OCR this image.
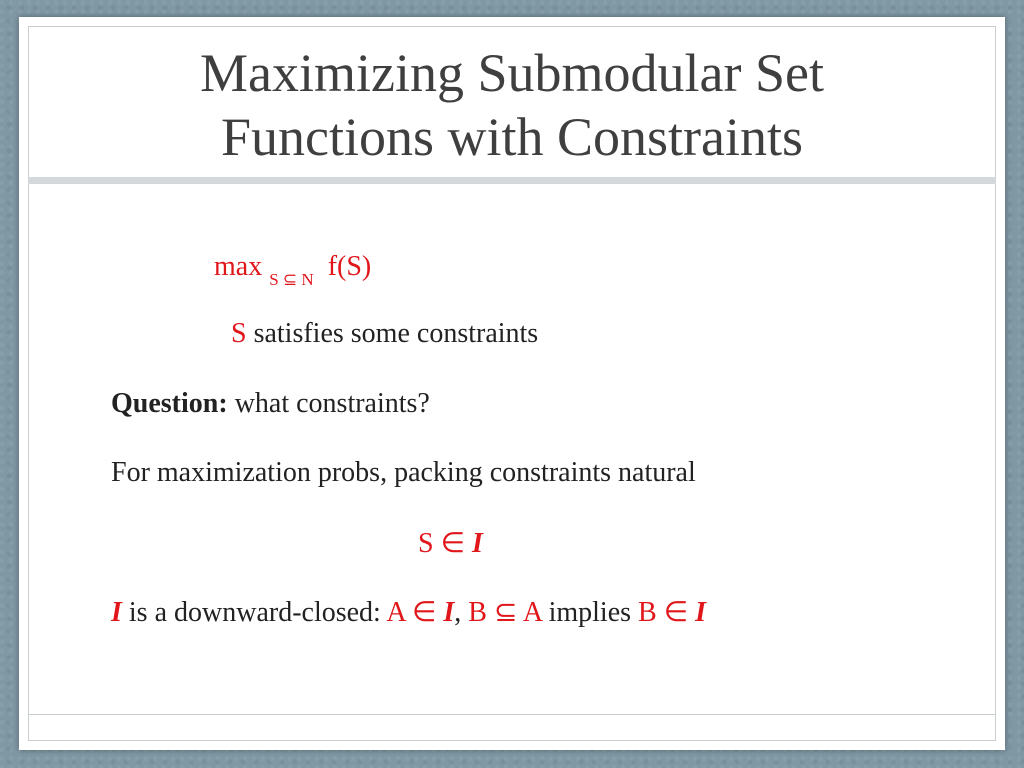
Maximizing Submodular Set
Functions with Constraints
max $_{S ⊆ N}$ f(S)
S satisfies some constraints
Question: what constraints?
For maximization probs, packing constraints natural
S ∈ I
I is a downward-closed: A ∈ I, B ⊆ A implies B ∈ I
